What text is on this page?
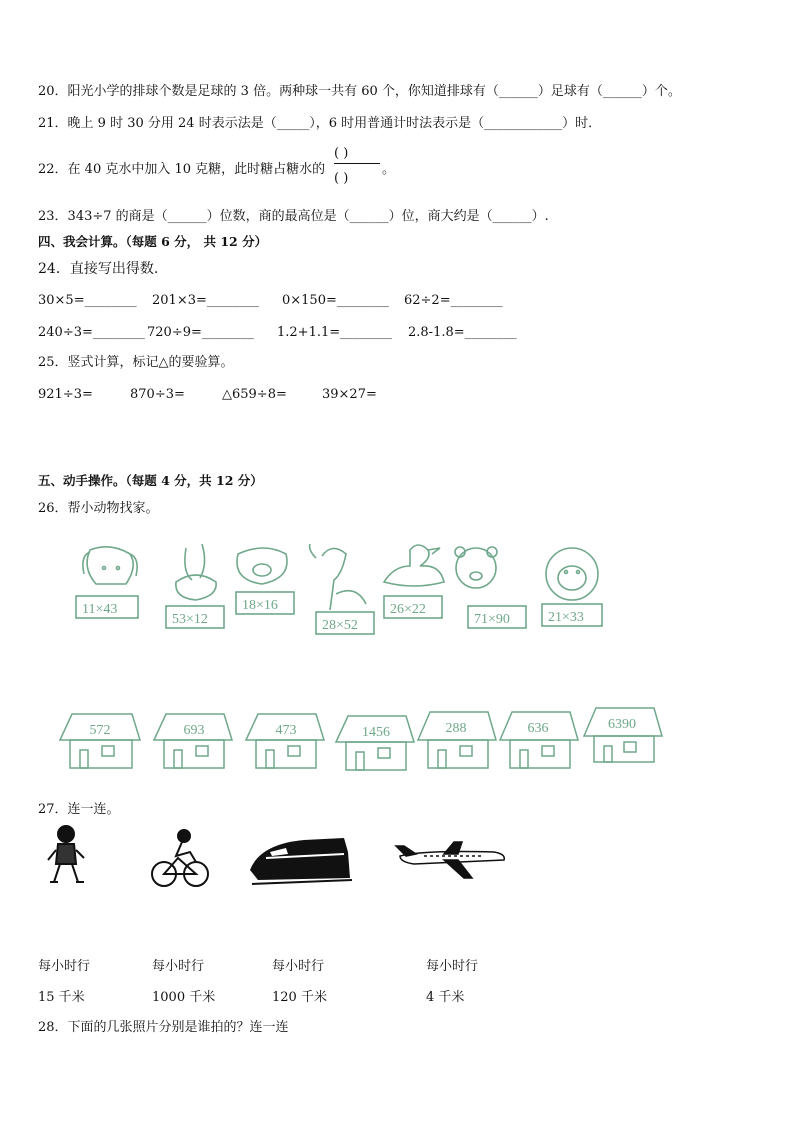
20．阳光小学的排球个数是足球的 3 倍。两种球一共有 60 个，你知道排球有（______）足球有（______）个。
21．晚上 9 时 30 分用 24 时表示法是（_____），6 时用普通计时法表示是（____________）时．
22．在 40 克水中加入 10 克糖，此时糖占糖水的
( )
( )
。
23．343÷7 的商是（______）位数，商的最高位是（______）位，商大约是（______）.
四、我会计算。（每题 6 分， 共 12 分）
24．直接写出得数.
30×5=________ 201×3=________ 0×150=________ 62÷2=________
240÷3=________ 720÷9=________ 1.2+1.1=________ 2.8-1.8=________
25．竖式计算，标记△的要验算。
921÷3=	870÷3=	△659÷8=	39×27=
五、动手操作。（每题 4 分，共 12 分）
26．帮小动物找家。
11×43
53×12
18×16
28×52
26×22
71×90	21×33
572	693	473	1456	288	636	6390
27．连一连。
每小时行	每小时行	每小时行	每小时行
15 千米	1000 千米	120 千米	4 千米
28．下面的几张照片分别是谁拍的？连一连
